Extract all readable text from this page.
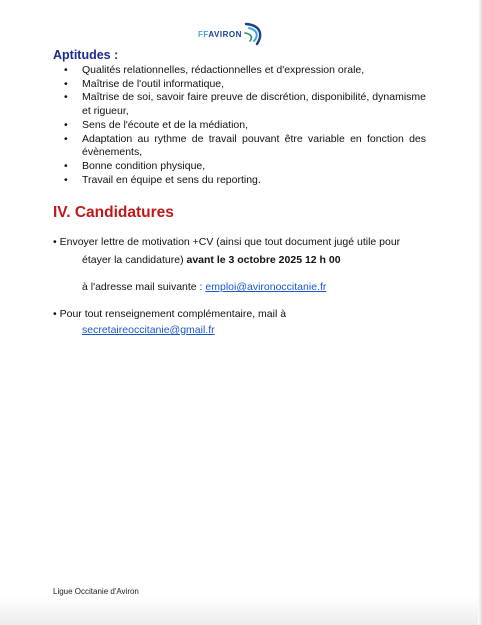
FFAVIRON
Aptitudes :
• Qualités relationnelles, rédactionnelles et d'expression orale,
• Maîtrise de l'outil informatique,
• Maîtrise de soi, savoir faire preuve de discrétion, disponibilité, dynamisme et rigueur,
• Sens de l'écoute et de la médiation,
• Adaptation au rythme de travail pouvant être variable en fonction des évènements,
• Bonne condition physique,
• Travail en équipe et sens du reporting.
IV. Candidatures
• Envoyer lettre de motivation +CV (ainsi que tout document jugé utile pour
étayer la candidature) avant le 3 octobre 2025 12 h 00
à l'adresse mail suivante : emploi@avironoccitanie.fr
• Pour tout renseignement complémentaire, mail à
secretaireoccitanie@gmail.fr
Ligue Occitanie d'Aviron
